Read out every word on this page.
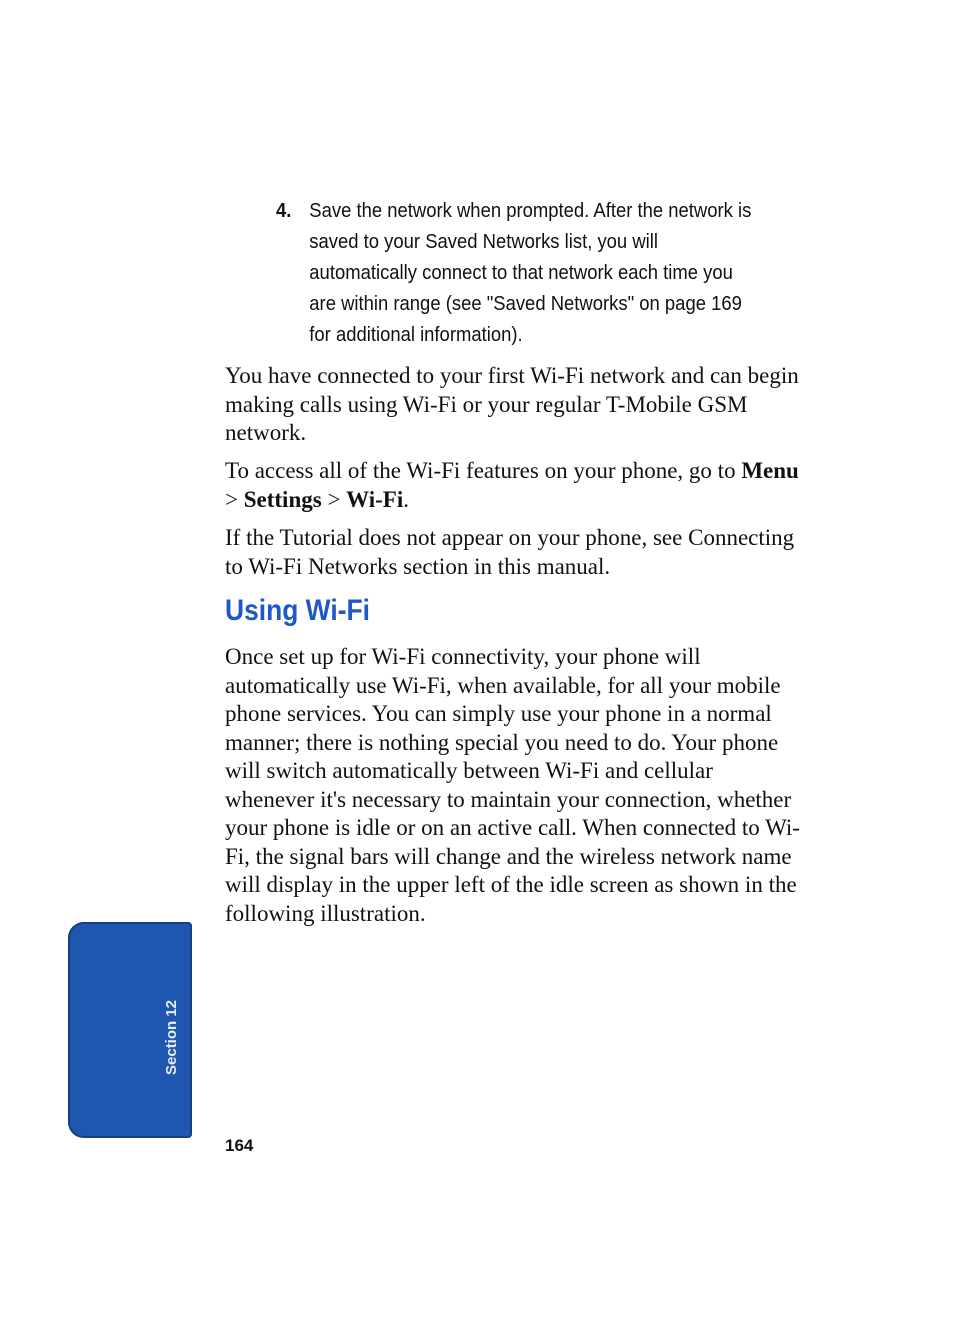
4. Save the network when prompted. After the network is saved to your Saved Networks list, you will automatically connect to that network each time you are within range (see "Saved Networks" on page 169 for additional information).

You have connected to your first Wi-Fi network and can begin making calls using Wi-Fi or your regular T-Mobile GSM network.

To access all of the Wi-Fi features on your phone, go to Menu > Settings > Wi-Fi.

If the Tutorial does not appear on your phone, see Connecting to Wi-Fi Networks section in this manual.

Using Wi-Fi

Once set up for Wi-Fi connectivity, your phone will automatically use Wi-Fi, when available, for all your mobile phone services. You can simply use your phone in a normal manner; there is nothing special you need to do. Your phone will switch automatically between Wi-Fi and cellular whenever it's necessary to maintain your connection, whether your phone is idle or on an active call. When connected to Wi-Fi, the signal bars will change and the wireless network name will display in the upper left of the idle screen as shown in the following illustration.

Section 12
164
